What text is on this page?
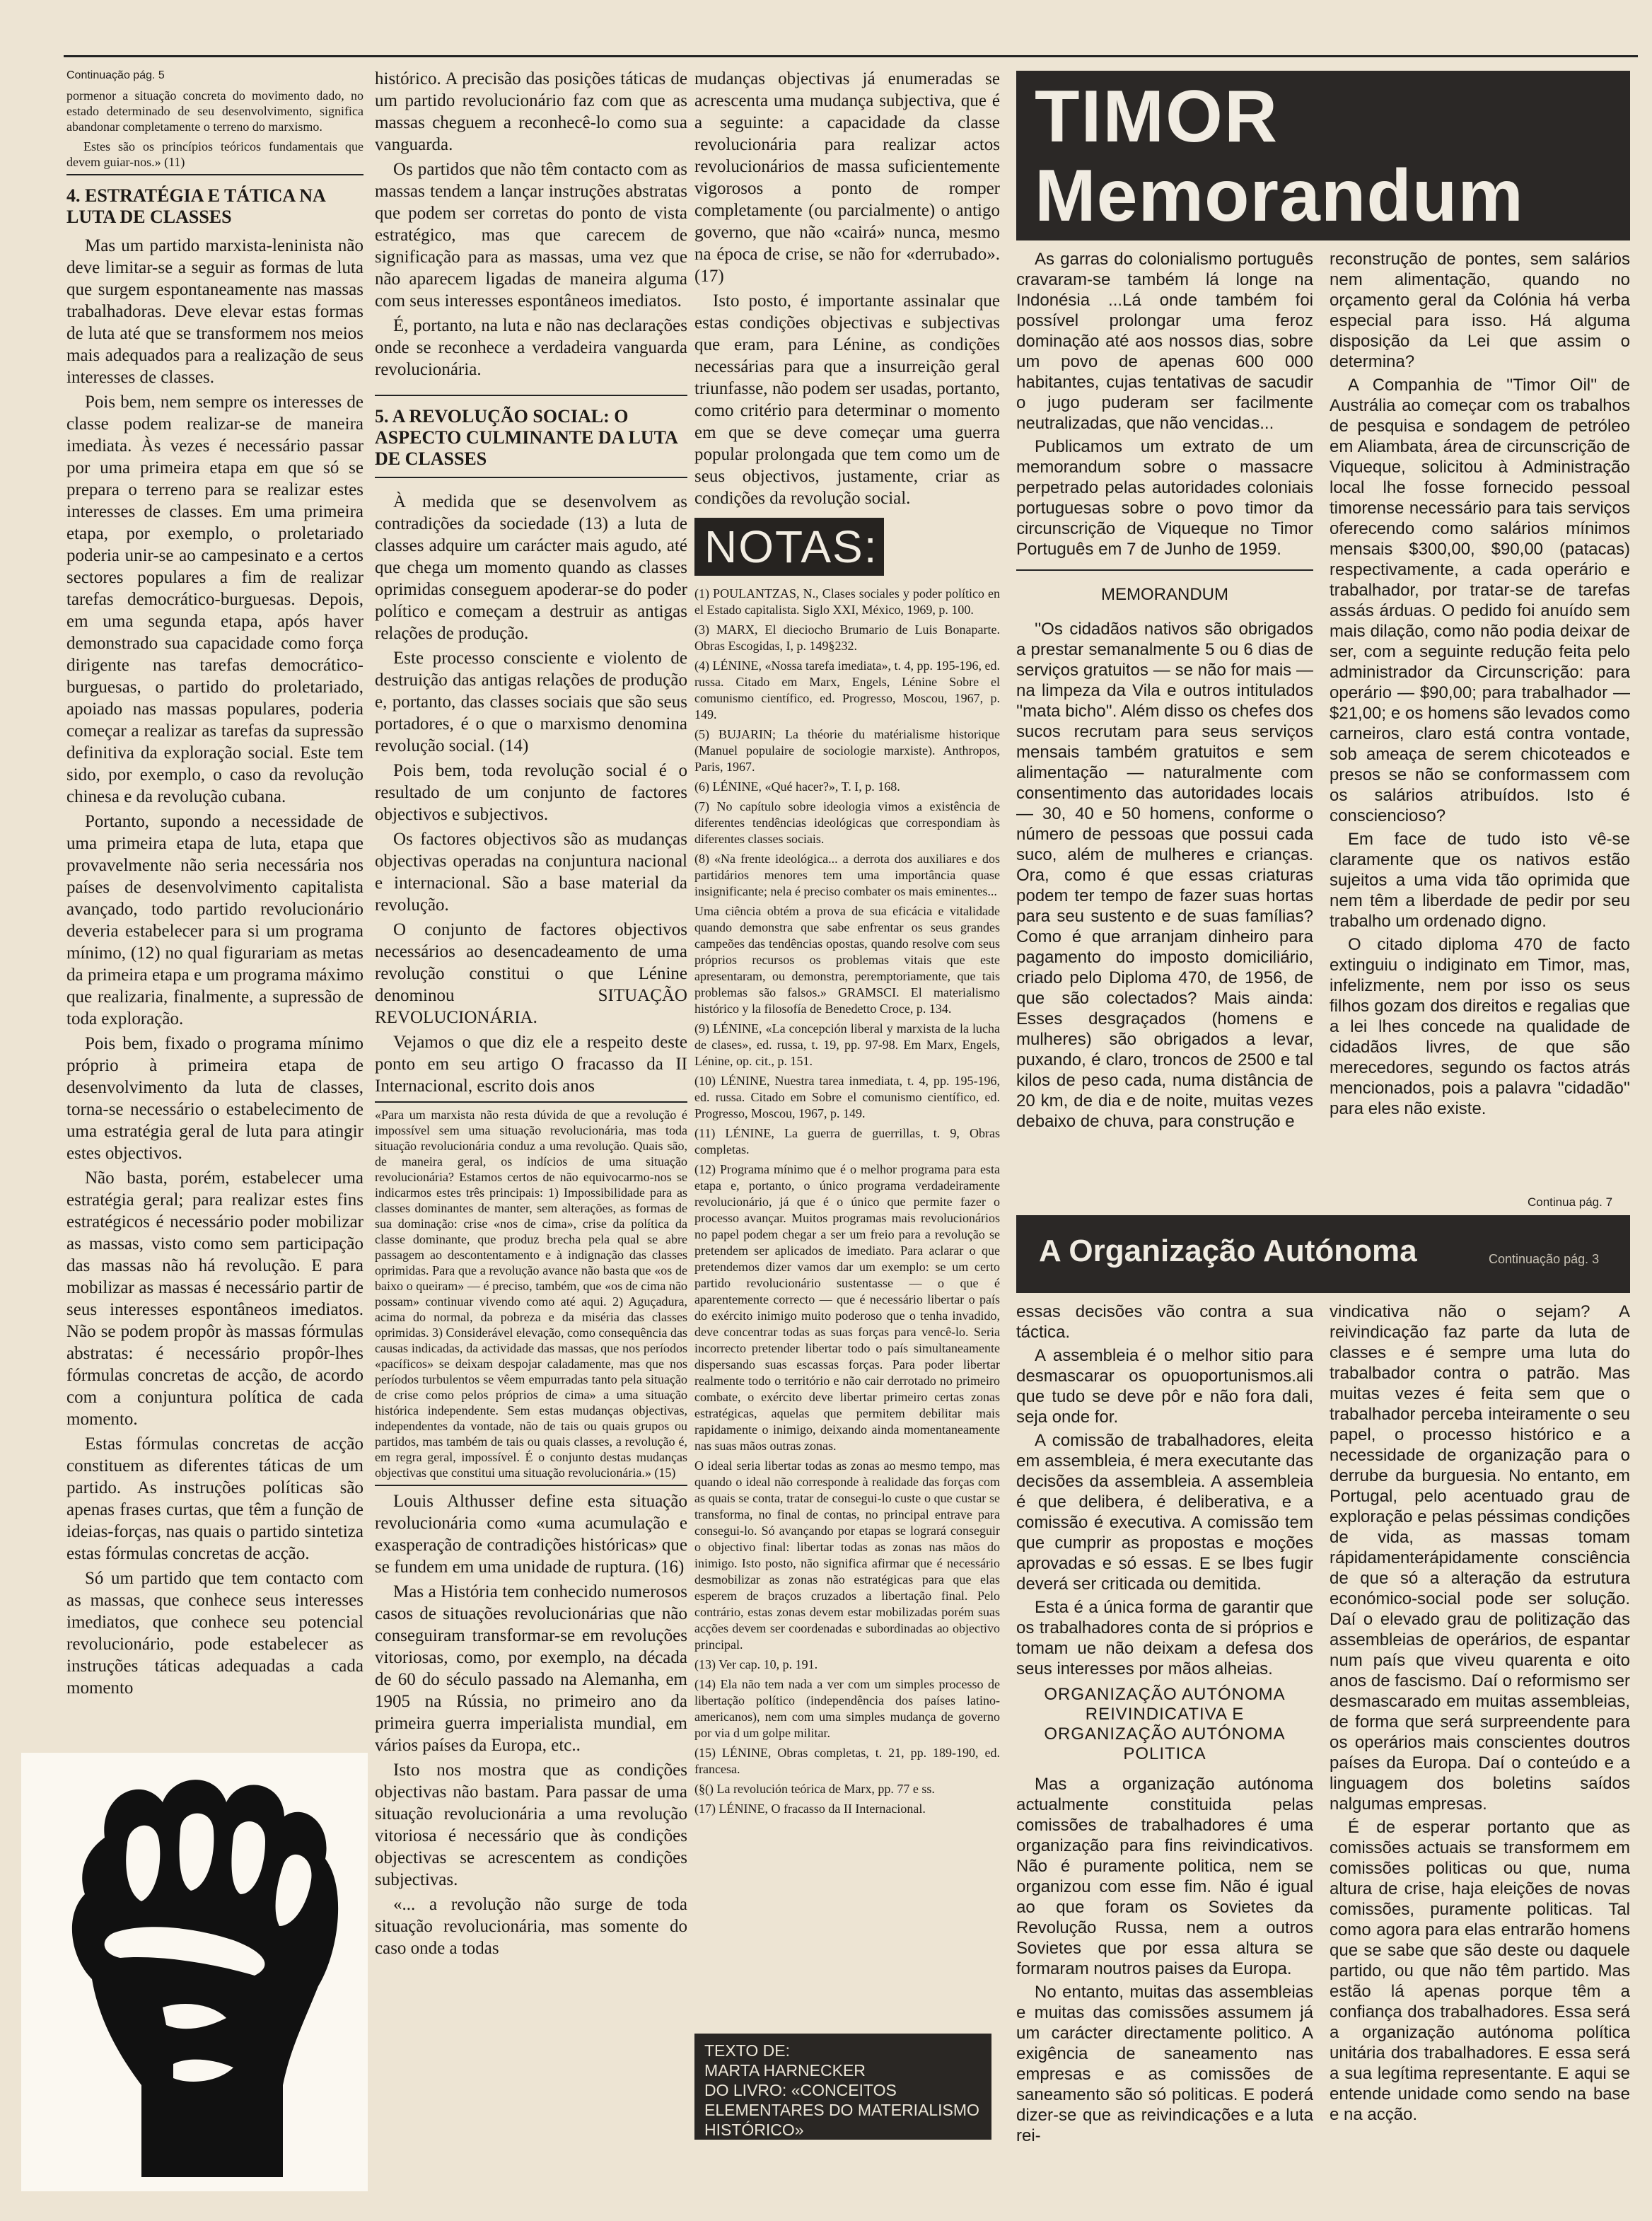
Continuação pág. 5

pormenor a situação concreta do movimento dado, no estado determinado de seu desenvolvimento, significa abandonar completamente o terreno do marxismo.

Estes são os princípios teóricos fundamentais que devem guiar-nos.» (11)

4. ESTRATÉGIA E TÁTICA NA LUTA DE CLASSES

Mas um partido marxista-leninista não deve limitar-se a seguir as formas de luta que surgem espontaneamente nas massas trabalhadoras. Deve elevar estas formas de luta até que se transformem nos meios mais adequados para a realização de seus interesses de classes.

Pois bem, nem sempre os interesses de classe podem realizar-se de maneira imediata. Às vezes é necessário passar por uma primeira etapa em que só se prepara o terreno para se realizar estes interesses de classes. Em uma primeira etapa, por exemplo, o proletariado poderia unir-se ao campesinato e a certos sectores populares a fim de realizar tarefas democrático-burguesas. Depois, em uma segunda etapa, após haver demonstrado sua capacidade como força dirigente nas tarefas democrático-burguesas, o partido do proletariado, apoiado nas massas populares, poderia começar a realizar as tarefas da supressão definitiva da exploração social. Este tem sido, por exemplo, o caso da revolução chinesa e da revolução cubana.

Portanto, supondo a necessidade de uma primeira etapa de luta, etapa que provavelmente não seria necessária nos países de desenvolvimento capitalista avançado, todo partido revolucionário deveria estabelecer para si um programa mínimo, (12) no qual figurariam as metas da primeira etapa e um programa máximo que realizaria, finalmente, a supressão de toda exploração.

Pois bem, fixado o programa mínimo próprio à primeira etapa de desenvolvimento da luta de classes, torna-se necessário o estabelecimento de uma estratégia geral de luta para atingir estes objectivos.

Não basta, porém, estabelecer uma estratégia geral; para realizar estes fins estratégicos é necessário poder mobilizar as massas, visto como sem participação das massas não há revolução. E para mobilizar as massas é necessário partir de seus interesses espontâneos imediatos. Não se podem propôr às massas fórmulas abstratas: é necessário propôr-lhes fórmulas concretas de acção, de acordo com a conjuntura política de cada momento.

Estas fórmulas concretas de acção constituem as diferentes táticas de um partido. As instruções políticas são apenas frases curtas, que têm a função de ideias-forças, nas quais o partido sintetiza estas fórmulas concretas de acção.

Só um partido que tem contacto com as massas, que conhece seus interesses imediatos, que conhece seu potencial revolucionário, pode estabelecer as instruções táticas adequadas a cada momento

histórico. A precisão das posições táticas de um partido revolucionário faz com que as massas cheguem a reconhecê-lo como sua vanguarda.

Os partidos que não têm contacto com as massas tendem a lançar instruções abstratas que podem ser corretas do ponto de vista estratégico, mas que carecem de significação para as massas, uma vez que não aparecem ligadas de maneira alguma com seus interesses espontâneos imediatos.

É, portanto, na luta e não nas declarações onde se reconhece a verdadeira vanguarda revolucionária.

5. A REVOLUÇÃO SOCIAL: O ASPECTO CULMINANTE DA LUTA DE CLASSES

À medida que se desenvolvem as contradições da sociedade (13) a luta de classes adquire um carácter mais agudo, até que chega um momento quando as classes oprimidas conseguem apoderar-se do poder político e começam a destruir as antigas relações de produção.

Este processo consciente e violento de destruição das antigas relações de produção e, portanto, das classes sociais que são seus portadores, é o que o marxismo denomina revolução social. (14)

Pois bem, toda revolução social é o resultado de um conjunto de factores objectivos e subjectivos.

Os factores objectivos são as mudanças objectivas operadas na conjuntura nacional e internacional. São a base material da revolução.

O conjunto de factores objectivos necessários ao desencadeamento de uma revolução constitui o que Lénine denominou SITUAÇÃO REVOLUCIONÁRIA.

Vejamos o que diz ele a respeito deste ponto em seu artigo O fracasso da II Internacional, escrito dois anos

«Para um marxista não resta dúvida de que a revolução é impossível sem uma situação revolucionária, mas toda situação revolucionária conduz a uma revolução. Quais são, de maneira geral, os indícios de uma situação revolucionária? Estamos certos de não equivocarmo-nos se indicarmos estes três principais: 1) Impossibilidade para as classes dominantes de manter, sem alterações, as formas de sua dominação: crise «nos de cima», crise da política da classe dominante, que produz brecha pela qual se abre passagem ao descontentamento e à indignação das classes oprimidas. Para que a revolução avance não basta que «os de baixo o queiram» — é preciso, também, que «os de cima não possam» continuar vivendo como até aqui. 2) Aguçadura, acima do normal, da pobreza e da miséria das classes oprimidas. 3) Considerável elevação, como consequência das causas indicadas, da actividade das massas, que nos períodos «pacíficos» se deixam despojar caladamente, mas que nos períodos turbulentos se vêem empurradas tanto pela situação de crise como pelos próprios de cima» a uma situação histórica independente. Sem estas mudanças objectivas, independentes da vontade, não de tais ou quais grupos ou partidos, mas também de tais ou quais classes, a revolução é, em regra geral, impossível. É o conjunto destas mudanças objectivas que constitui uma situação revolucionária.» (15)

Louis Althusser define esta situação revolucionária como «uma acumulação e exasperação de contradições históricas» que se fundem em uma unidade de ruptura. (16)

Mas a História tem conhecido numerosos casos de situações revolucionárias que não conseguiram transformar-se em revoluções vitoriosas, como, por exemplo, na década de 60 do século passado na Alemanha, em 1905 na Rússia, no primeiro ano da primeira guerra imperialista mundial, em vários países da Europa, etc..

Isto nos mostra que as condições objectivas não bastam. Para passar de uma situação revolucionária a uma revolução vitoriosa é necessário que às condições objectivas se acrescentem as condições subjectivas.

«... a revolução não surge de toda situação revolucionária, mas somente do caso onde a todas

mudanças objectivas já enumeradas se acrescenta uma mudança subjectiva, que é a seguinte: a capacidade da classe revolucionária para realizar actos revolucionários de massa suficientemente vigorosos a ponto de romper completamente (ou parcialmente) o antigo governo, que não «cairá» nunca, mesmo na época de crise, se não for «derrubado». (17)

Isto posto, é importante assinalar que estas condições objectivas e subjectivas que eram, para Lénine, as condições necessárias para que a insurreição geral triunfasse, não podem ser usadas, portanto, como critério para determinar o momento em que se deve começar uma guerra popular prolongada que tem como um de seus objectivos, justamente, criar as condições da revolução social.

NOTAS:

(1) POULANTZAS, N., Clases sociales y poder político en el Estado capitalista. Siglo XXI, México, 1969, p. 100.

(3) MARX, El dieciocho Brumario de Luis Bonaparte. Obras Escogidas, I, p. 149§232.

(4) LÉNINE, «Nossa tarefa imediata», t. 4, pp. 195-196, ed. russa. Citado em Marx, Engels, Lénine Sobre el comunismo científico, ed. Progresso, Moscou, 1967, p. 149.

(5) BUJARIN; La théorie du matérialisme historique (Manuel populaire de sociologie marxiste). Anthropos, Paris, 1967.

(6) LÉNINE, «Qué hacer?», T. I, p. 168.

(7) No capítulo sobre ideologia vimos a existência de diferentes tendências ideológicas que correspondiam às diferentes classes sociais.

(8) «Na frente ideológica... a derrota dos auxiliares e dos partidários menores tem uma importância quase insignificante; nela é preciso combater os mais eminentes...

Uma ciência obtém a prova de sua eficácia e vitalidade quando demonstra que sabe enfrentar os seus grandes campeões das tendências opostas, quando resolve com seus próprios recursos os problemas vitais que este apresentaram, ou demonstra, peremptoriamente, que tais problemas são falsos.» GRAMSCI. El materialismo histórico y la filosofía de Benedetto Croce, p. 134.

(9) LÉNINE, «La concepción liberal y marxista de la lucha de clases», ed. russa, t. 19, pp. 97-98. Em Marx, Engels, Lénine, op. cit., p. 151.

(10) LÉNINE, Nuestra tarea inmediata, t. 4, pp. 195-196, ed. russa. Citado em Sobre el comunismo científico, ed. Progresso, Moscou, 1967, p. 149.

(11) LÉNINE, La guerra de guerrillas, t. 9, Obras completas.

(12) Programa mínimo que é o melhor programa para esta etapa e, portanto, o único programa verdadeiramente revolucionário, já que é o único que permite fazer o processo avançar. Muitos programas mais revolucionários no papel podem chegar a ser um freio para a revolução se pretendem ser aplicados de imediato. Para aclarar o que pretendemos dizer vamos dar um exemplo: se um certo partido revolucionário sustentasse — o que é aparentemente correcto — que é necessário libertar o país do exército inimigo muito poderoso que o tenha invadido, deve concentrar todas as suas forças para vencê-lo. Seria incorrecto pretender libertar todo o país simultaneamente dispersando suas escassas forças. Para poder libertar realmente todo o território e não cair derrotado no primeiro combate, o exército deve libertar primeiro certas zonas estratégicas, aquelas que permitem debilitar mais rapidamente o inimigo, deixando ainda momentaneamente nas suas mãos outras zonas.

O ideal seria libertar todas as zonas ao mesmo tempo, mas quando o ideal não corresponde à realidade das forças com as quais se conta, tratar de consegui-lo custe o que custar se transforma, no final de contas, no principal entrave para consegui-lo. Só avançando por etapas se logrará conseguir o objectivo final: libertar todas as zonas nas mãos do inimigo. Isto posto, não significa afirmar que é necessário desmobilizar as zonas não estratégicas para que elas esperem de braços cruzados a libertação final. Pelo contrário, estas zonas devem estar mobilizadas porém suas acções devem ser coordenadas e subordinadas ao objectivo principal.

(13) Ver cap. 10, p. 191.

(14) Ela não tem nada a ver com um simples processo de libertação político (independência dos países latino-americanos), nem com uma simples mudança de governo por via d um golpe militar.

(15) LÉNINE, Obras completas, t. 21, pp. 189-190, ed. francesa.

(§() La revolución teórica de Marx, pp. 77 e ss.

(17) LÉNINE, O fracasso da II Internacional.

TEXTO DE:
MARTA HARNECKER
DO LIVRO: «CONCEITOS
ELEMENTARES DO MATERIALISMO
HISTÓRICO»
TIMOR
Memorandum

As garras do colonialismo português cravaram-se também lá longe na Indonésia ...Lá onde também foi possível prolongar uma feroz dominação até aos nossos dias, sobre um povo de apenas 600 000 habitantes, cujas tentativas de sacudir o jugo puderam ser facilmente neutralizadas, que não vencidas...

Publicamos um extrato de um memorandum sobre o massacre perpetrado pelas autoridades coloniais portuguesas sobre o povo timor da circunscrição de Viqueque no Timor Português em 7 de Junho de 1959.

MEMORANDUM

''Os cidadãos nativos são obrigados a prestar semanalmente 5 ou 6 dias de serviços gratuitos — se não for mais — na limpeza da Vila e outros intitulados ''mata bicho''. Além disso os chefes dos sucos recrutam para seus serviços mensais também gratuitos e sem alimentação — naturalmente com consentimento das autoridades locais — 30, 40 e 50 homens, conforme o número de pessoas que possui cada suco, além de mulheres e crianças. Ora, como é que essas criaturas podem ter tempo de fazer suas hortas para seu sustento e de suas famílias? Como é que arranjam dinheiro para pagamento do imposto domiciliário, criado pelo Diploma 470, de 1956, de que são colectados? Mais ainda: Esses desgraçados (homens e mulheres) são obrigados a levar, puxando, é claro, troncos de 2500 e tal kilos de peso cada, numa distância de 20 km, de dia e de noite, muitas vezes debaixo de chuva, para construção e

reconstrução de pontes, sem salários nem alimentação, quando no orçamento geral da Colónia há verba especial para isso. Há alguma disposição da Lei que assim o determina?

A Companhia de ''Timor Oil'' de Austrália ao começar com os trabalhos de pesquisa e sondagem de petróleo em Aliambata, área de circunscrição de Viqueque, solicitou à Administração local lhe fosse fornecido pessoal timorense necessário para tais serviços oferecendo como salários mínimos mensais $300,00, $90,00 (patacas) respectivamente, a cada operário e trabalhador, por tratar-se de tarefas assás árduas. O pedido foi anuído sem mais dilação, como não podia deixar de ser, com a seguinte redução feita pelo administrador da Circunscrição: para operário — $90,00; para trabalhador — $21,00; e os homens são levados como carneiros, claro está contra vontade, sob ameaça de serem chicoteados e presos se não se conformassem com os salários atribuídos. Isto é consciencioso?

Em face de tudo isto vê-se claramente que os nativos estão sujeitos a uma vida tão oprimida que nem têm a liberdade de pedir por seu trabalho um ordenado digno.

O citado diploma 470 de facto extinguiu o indiginato em Timor, mas, infelizmente, nem por isso os seus filhos gozam dos direitos e regalias que a lei lhes concede na qualidade de cidadãos livres, de que são merecedores, segundo os factos atrás mencionados, pois a palavra ''cidadão'' para eles não existe.

Continua pág. 7
A Organização Autónoma	Continuação pág. 3

essas decisões vão contra a sua táctica.

A assembleia é o melhor sitio para desmascarar os opuoportunismos.ali que tudo se deve pôr e não fora dali, seja onde for.

A comissão de trabalhadores, eleita em assembleia, é mera executante das decisões da assembleia. A assembleia é que delibera, é deliberativa, e a comissão é executiva. A comissão tem que cumprir as propostas e moções aprovadas e só essas. E se lbes fugir deverá ser criticada ou demitida.

Esta é a única forma de garantir que os trabalhadores conta de si próprios e tomam ue não deixam a defesa dos seus interesses por mãos alheias.

ORGANIZAÇÃO AUTÓNOMA REIVINDICATIVA E ORGANIZAÇÃO AUTÓNOMA POLITICA

Mas a organização autónoma actualmente constituida pelas comissões de trabalhadores é uma organização para fins reivindicativos. Não é puramente politica, nem se organizou com esse fim. Não é igual ao que foram os Sovietes da Revolução Russa, nem a outros Sovietes que por essa altura se formaram noutros paises da Europa.

No entanto, muitas das assembleias e muitas das comissões assumem já um carácter directamente politico. A exigência de saneamento nas empresas e as comissões de saneamento são só politicas. E poderá dizer-se que as reivindicações e a luta rei-

vindicativa não o sejam? A reivindicação faz parte da luta de classes e é sempre uma luta do trabalbador contra o patrão. Mas muitas vezes é feita sem que o trabalhador perceba inteiramente o seu papel, o processo histórico e a necessidade de organização para o derrube da burguesia. No entanto, em Portugal, pelo acentuado grau de exploração e pelas péssimas condições de vida, as massas tomam rápidamenterápidamente consciência de que só a alteração da estrutura económico-social pode ser solução. Daí o elevado grau de politização das assembleias de operários, de espantar num país que viveu quarenta e oito anos de fascismo. Daí o reformismo ser desmascarado em muitas assembleias, de forma que será surpreendente para os operários mais conscientes doutros países da Europa. Daí o conteúdo e a linguagem dos boletins saídos nalgumas empresas.

É de esperar portanto que as comissões actuais se transformem em comissões politicas ou que, numa altura de crise, haja eleições de novas comissões, puramente politicas. Tal como agora para elas entrarão homens que se sabe que são deste ou daquele partido, ou que não têm partido. Mas estão lá apenas porque têm a confiança dos trabalhadores. Essa será a organização autónoma política unitária dos trabalhadores. E essa será a sua legítima representante. E aqui se entende unidade como sendo na base e na acção.
